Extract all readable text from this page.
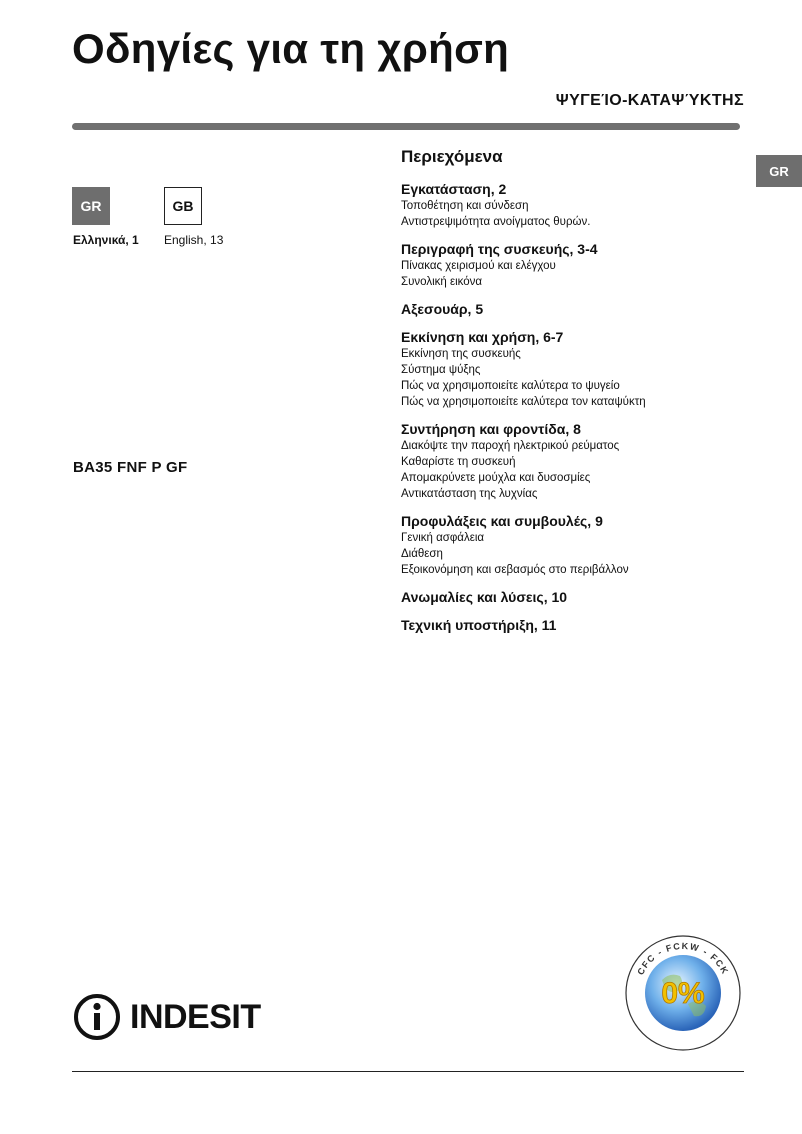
Οδηγίες για τη χρήση
ΨΥΓΕΊΟ-ΚΑΤΑΨΎΚΤΗΣ
GR
GR	GB
Ελληνικά, 1 English, 13
BA35 FNF P GF
Περιεχόμενα
Εγκατάσταση, 2
Τοποθέτηση και σύνδεση
Αντιστρεψιμότητα ανοίγματος θυρών.
Περιγραφή της συσκευής, 3-4
Πίνακας χειρισμού και ελέγχου
Συνολική εικόνα
Αξεσουάρ, 5
Εκκίνηση και χρήση, 6-7
Εκκίνηση της συσκευής
Σύστημα ψύξης
Πώς να χρησιμοποιείτε καλύτερα το ψυγείο
Πώς να χρησιμοποιείτε καλύτερα τον καταψύκτη
Συντήρηση και φροντίδα, 8
Διακόψτε την παροχή ηλεκτρικού ρεύματος
Καθαρίστε τη συσκευή
Απομακρύνετε μούχλα και δυσοσμίες
Αντικατάσταση της λυχνίας
Προφυλάξεις και συμβουλές, 9
Γενική ασφάλεια
Διάθεση
Εξοικονόμηση και σεβασμός στο περιβάλλον
Ανωμαλίες και λύσεις, 10
Τεχνική υποστήριξη, 11
INDESIT
CFC - FCKW - FCK
0%
